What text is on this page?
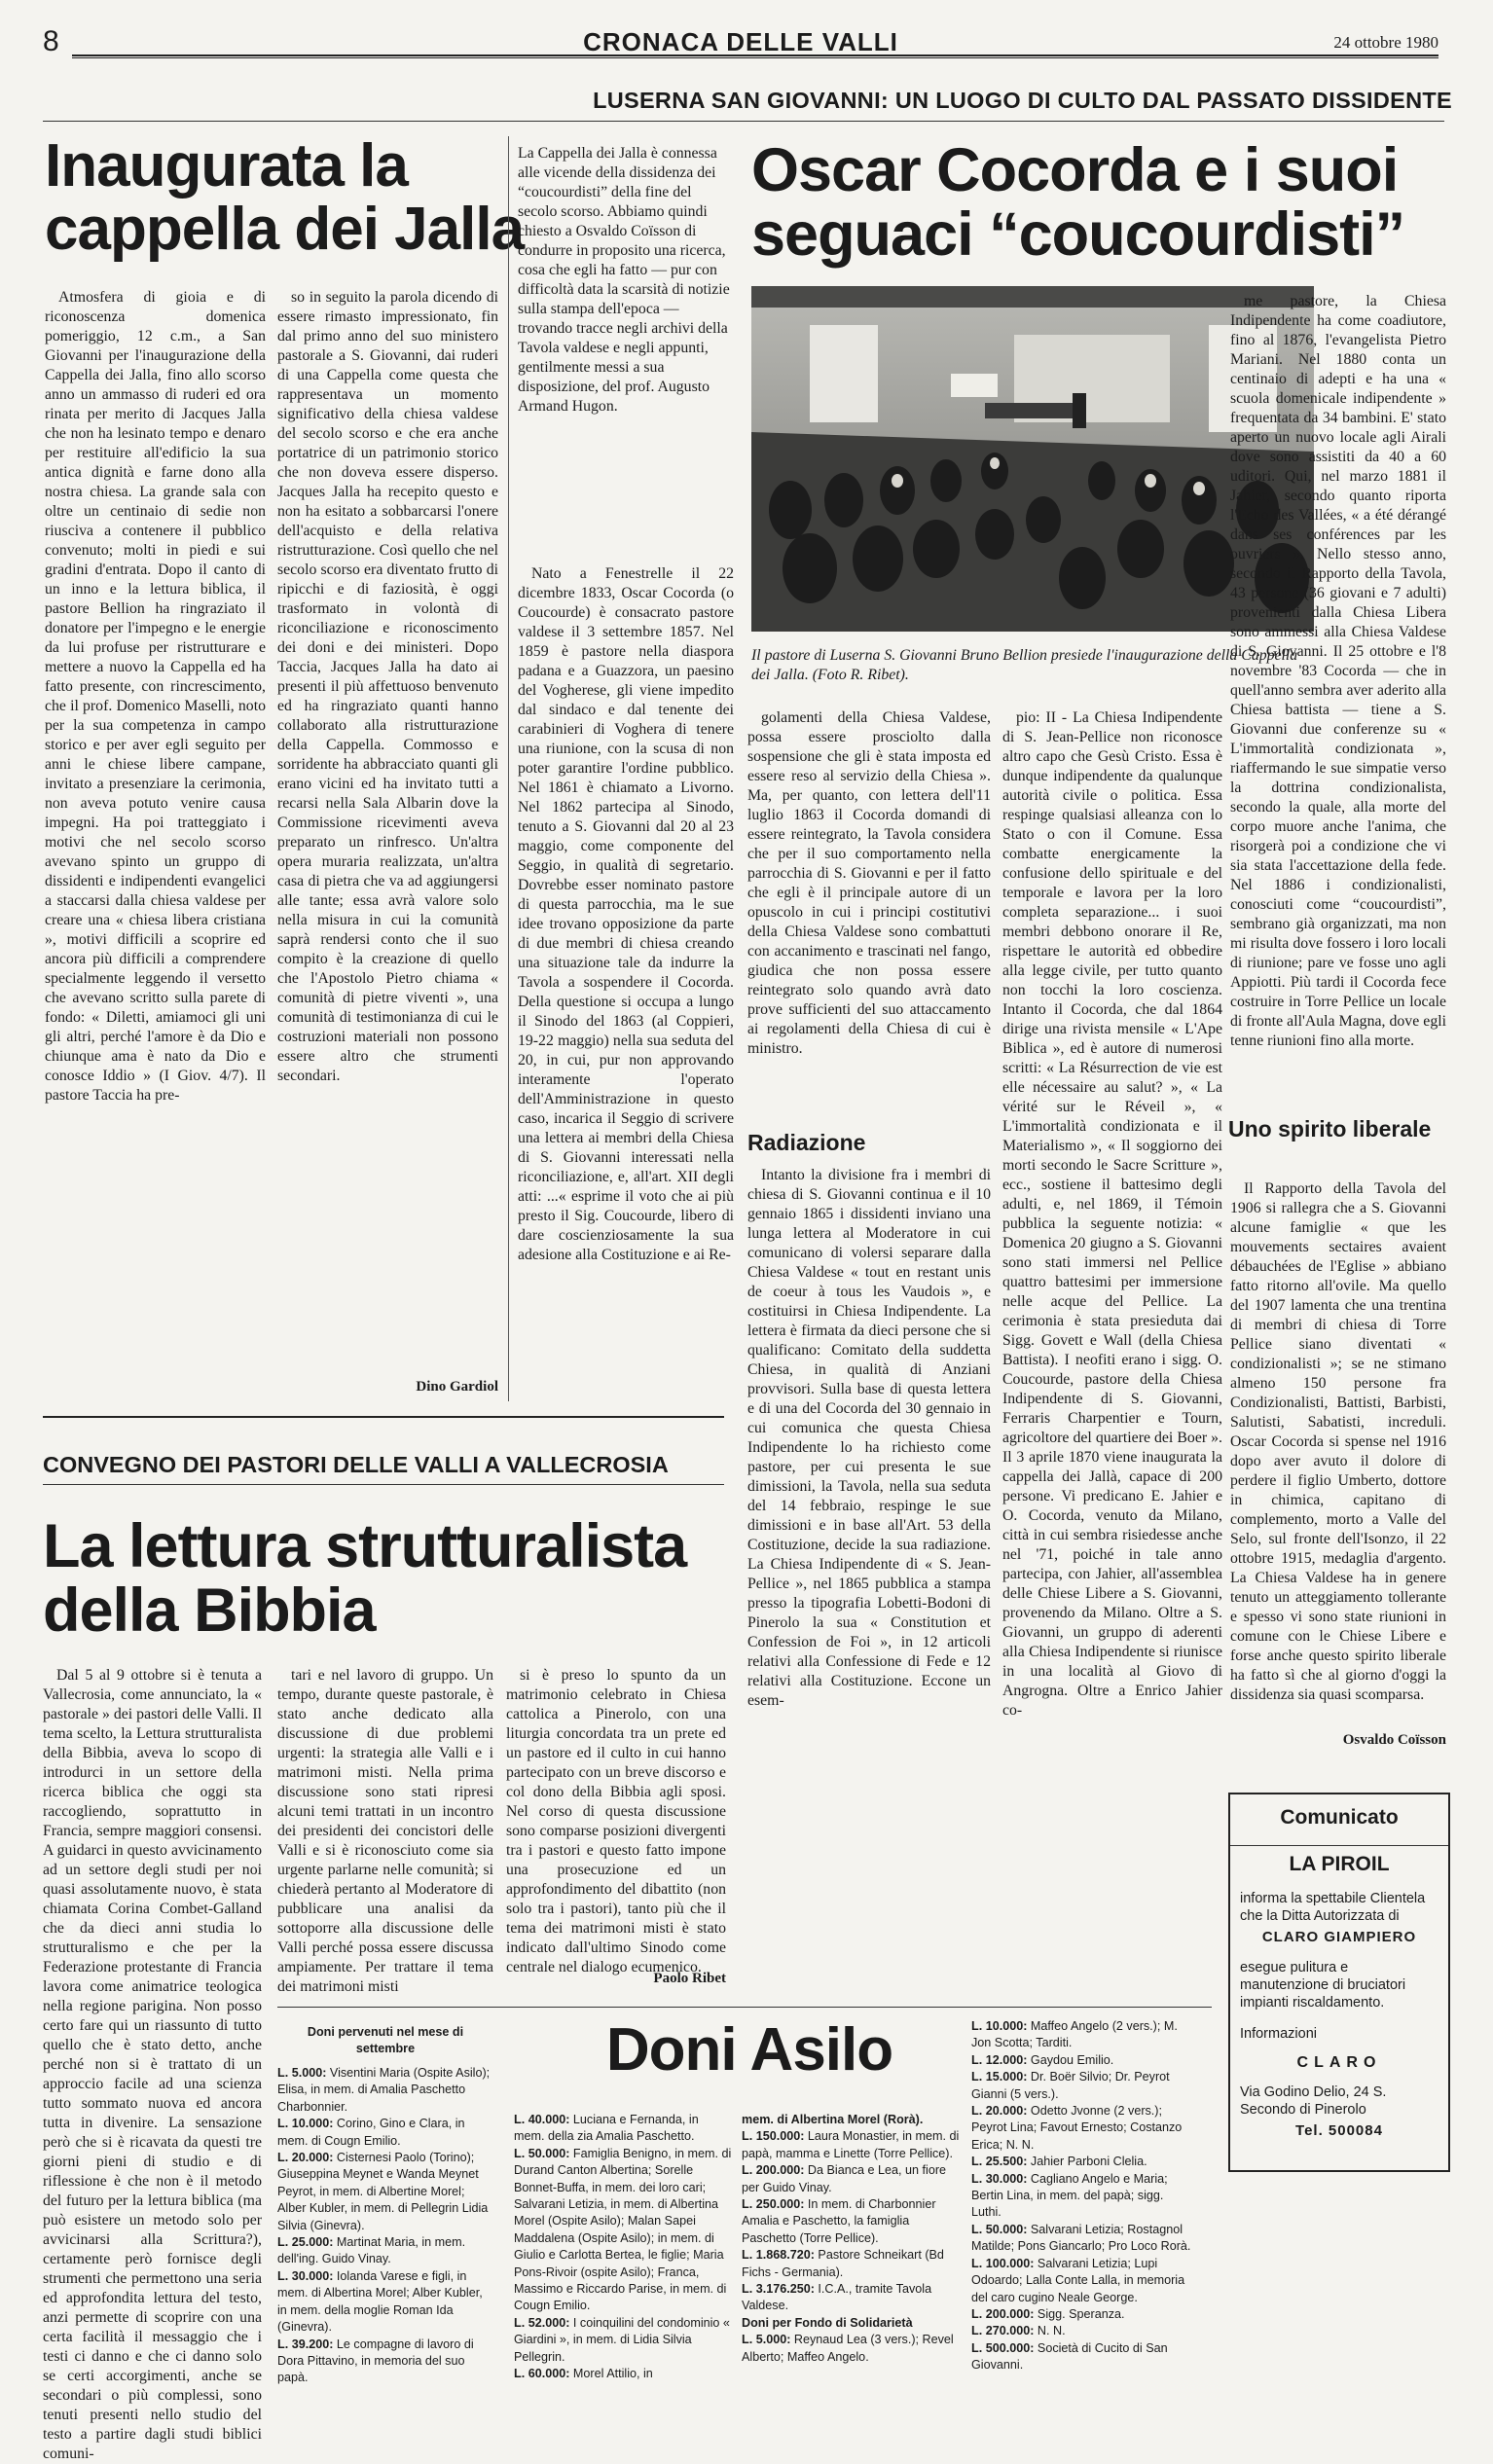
8	CRONACA DELLE VALLI	24 ottobre 1980
LUSERNA SAN GIOVANNI: UN LUOGO DI CULTO DAL PASSATO DISSIDENTE
Inaugurata la cappella dei Jalla

Atmosfera di gioia e di riconoscenza domenica pomeriggio, 12 c.m., a San Giovanni per l'inaugurazione della Cappella dei Jalla, fino allo scorso anno un ammasso di ruderi ed ora rinata per merito di Jacques Jalla che non ha lesinato tempo e denaro per restituire all'edificio la sua antica dignità e farne dono alla nostra chiesa. La grande sala con oltre un centinaio di sedie non riusciva a contenere il pubblico convenuto; molti in piedi e sui gradini d'entrata. Dopo il canto di un inno e la lettura biblica, il pastore Bellion ha ringraziato il donatore per l'impegno e le energie da lui profuse per ristrutturare e mettere a nuovo la Cappella ed ha fatto presente, con rincrescimento, che il prof. Domenico Maselli, noto per la sua competenza in campo storico e per aver egli seguito per anni le chiese libere campane, invitato a presenziare la cerimonia, non aveva potuto venire causa impegni. Ha poi tratteggiato i motivi che nel secolo scorso avevano spinto un gruppo di dissidenti e indipendenti evangelici a staccarsi dalla chiesa valdese per creare una « chiesa libera cristiana », motivi difficili a scoprire ed ancora più difficili a comprendere specialmente leggendo il versetto che avevano scritto sulla parete di fondo: « Diletti, amiamoci gli uni gli altri, perché l'amore è da Dio e chiunque ama è nato da Dio e conosce Iddio » (I Giov. 4/7). Il pastore Taccia ha pre-

so in seguito la parola dicendo di essere rimasto impressionato, fin dal primo anno del suo ministero pastorale a S. Giovanni, dai ruderi di una Cappella come questa che rappresentava un momento significativo della chiesa valdese del secolo scorso e che era anche portatrice di un patrimonio storico che non doveva essere disperso. Jacques Jalla ha recepito questo e non ha esitato a sobbarcarsi l'onere dell'acquisto e della relativa ristrutturazione. Così quello che nel secolo scorso era diventato frutto di ripicchi e di faziosità, è oggi trasformato in volontà di riconciliazione e riconoscimento dei doni e dei ministeri. Dopo Taccia, Jacques Jalla ha dato ai presenti il più affettuoso benvenuto ed ha ringraziato quanti hanno collaborato alla ristrutturazione della Cappella. Commosso e sorridente ha abbracciato quanti gli erano vicini ed ha invitato tutti a recarsi nella Sala Albarin dove la Commissione ricevimenti aveva preparato un rinfresco. Un'altra opera muraria realizzata, un'altra casa di pietra che va ad aggiungersi alle tante; essa avrà valore solo nella misura in cui la comunità saprà rendersi conto che il suo compito è la creazione di quello che l'Apostolo Pietro chiama « comunità di pietre viventi », una comunità di testimonianza di cui le costruzioni materiali non possono essere altro che strumenti secondari.

Dino Gardiol

La Cappella dei Jalla è connessa alle vicende della dissidenza dei “coucourdisti” della fine del secolo scorso. Abbiamo quindi chiesto a Osvaldo Coïsson di condurre in proposito una ricerca, cosa che egli ha fatto — pur con difficoltà data la scarsità di notizie sulla stampa dell'epoca — trovando tracce negli archivi della Tavola valdese e negli appunti, gentilmente messi a sua disposizione, del prof. Augusto Armand Hugon.

Nato a Fenestrelle il 22 dicembre 1833, Oscar Cocorda (o Coucourde) è consacrato pastore valdese il 3 settembre 1857. Nel 1859 è pastore nella diaspora padana e a Guazzora, un paesino del Vogherese, gli viene impedito dal sindaco e dal tenente dei carabinieri di Voghera di tenere una riunione, con la scusa di non poter garantire l'ordine pubblico. Nel 1861 è chiamato a Livorno. Nel 1862 partecipa al Sinodo, tenuto a S. Giovanni dal 20 al 23 maggio, come componente del Seggio, in qualità di segretario. Dovrebbe esser nominato pastore di questa parrocchia, ma le sue idee trovano opposizione da parte di due membri di chiesa creando una situazione tale da indurre la Tavola a sospendere il Cocorda. Della questione si occupa a lungo il Sinodo del 1863 (al Coppieri, 19-22 maggio) nella sua seduta del 20, in cui, pur non approvando interamente l'operato dell'Amministrazione in questo caso, incarica il Seggio di scrivere una lettera ai membri della Chiesa di S. Giovanni interessati nella riconciliazione, e, all'art. XII degli atti: ...« esprime il voto che ai più presto il Sig. Coucourde, libero di dare coscienziosamente la sua adesione alla Costituzione e ai Re-

Oscar Cocorda e i suoi seguaci “coucourdisti”
Il pastore di Luserna S. Giovanni Bruno Bellion presiede l'inaugurazione della Cappella dei Jalla. (Foto R. Ribet).

golamenti della Chiesa Valdese, possa essere prosciolto dalla sospensione che gli è stata imposta ed essere reso al servizio della Chiesa ». Ma, per quanto, con lettera dell'11 luglio 1863 il Cocorda domandi di essere reintegrato, la Tavola considera che per il suo comportamento nella parrocchia di S. Giovanni e per il fatto che egli è il principale autore di un opuscolo in cui i principi costitutivi della Chiesa Valdese sono combattuti con accanimento e trascinati nel fango, giudica che non possa essere reintegrato solo quando avrà dato prove sufficienti del suo attaccamento ai regolamenti della Chiesa di cui è ministro.

Radiazione

Intanto la divisione fra i membri di chiesa di S. Giovanni continua e il 10 gennaio 1865 i dissidenti inviano una lunga lettera al Moderatore in cui comunicano di volersi separare dalla Chiesa Valdese « tout en restant unis de coeur à tous les Vaudois », e costituirsi in Chiesa Indipendente. La lettera è firmata da dieci persone che si qualificano: Comitato della suddetta Chiesa, in qualità di Anziani provvisori. Sulla base di questa lettera e di una del Cocorda del 30 gennaio in cui comunica che questa Chiesa Indipendente lo ha richiesto come pastore, per cui presenta le sue dimissioni, la Tavola, nella sua seduta del 14 febbraio, respinge le sue dimissioni e in base all'Art. 53 della Costituzione, decide la sua radiazione. La Chiesa Indipendente di « S. Jean-Pellice », nel 1865 pubblica a stampa presso la tipografia Lobetti-Bodoni di Pinerolo la sua « Constitution et Confession de Foi », in 12 articoli relativi alla Confessione di Fede e 12 relativi alla Costituzione. Eccone un esem-

pio: II - La Chiesa Indipendente di S. Jean-Pellice non riconosce altro capo che Gesù Cristo. Essa è dunque indipendente da qualunque autorità civile o politica. Essa respinge qualsiasi alleanza con lo Stato o con il Comune. Essa combatte energicamente la confusione dello spirituale e del temporale e lavora per la loro completa separazione... i suoi membri debbono onorare il Re, rispettare le autorità ed obbedire alla legge civile, per tutto quanto non tocchi la loro coscienza. Intanto il Cocorda, che dal 1864 dirige una rivista mensile « L'Ape Biblica », ed è autore di numerosi scritti: « La Résurrection de vie est elle nécessaire au salut? », « La vérité sur le Réveil », « L'immortalità condizionata e il Materialismo », « Il soggiorno dei morti secondo le Sacre Scritture », ecc., sostiene il battesimo degli adulti, e, nel 1869, il Témoin pubblica la seguente notizia: « Domenica 20 giugno a S. Giovanni sono stati immersi nel Pellice quattro battesimi per immersione nelle acque del Pellice. La cerimonia è stata presieduta dai Sigg. Govett e Wall (della Chiesa Battista). I neofiti erano i sigg. O. Coucourde, pastore della Chiesa Indipendente di S. Giovanni, Ferraris Charpentier e Tourn, agricoltore del quartiere dei Boer ». Il 3 aprile 1870 viene inaugurata la cappella dei Jallà, capace di 200 persone. Vi predicano E. Jahier e O. Cocorda, venuto da Milano, città in cui sembra risiedesse anche nel '71, poiché in tale anno partecipa, con Jahier, all'assemblea delle Chiese Libere a S. Giovanni, provenendo da Milano. Oltre a S. Giovanni, un gruppo di aderenti alla Chiesa Indipendente si riunisce in una località al Giovo di Angrogna. Oltre a Enrico Jahier co-

me pastore, la Chiesa Indipendente ha come coadiutore, fino al 1876, l'evangelista Pietro Mariani. Nel 1880 conta un centinaio di adepti e ha una « scuola domenicale indipendente » frequentata da 34 bambini. E' stato aperto un nuovo locale agli Airali dove sono assistiti da 40 a 60 uditori. Qui, nel marzo 1881 il Jahier, secondo quanto riporta l'Echo des Vallées, « a été dérangé dans ses conférences par les ouvriers ». Nello stesso anno, secondo il Rapporto della Tavola, 43 persone (36 giovani e 7 adulti) provenienti dalla Chiesa Libera sono ammessi alla Chiesa Valdese di S. Giovanni. Il 25 ottobre e l'8 novembre '83 Cocorda — che in quell'anno sembra aver aderito alla Chiesa battista — tiene a S. Giovanni due conferenze su « L'immortalità condizionata », riaffermando le sue simpatie verso la dottrina condizionalista, secondo la quale, alla morte del corpo muore anche l'anima, che risorgerà poi a condizione che vi sia stata l'accettazione della fede. Nel 1886 i condizionalisti, conosciuti come “coucourdisti”, sembrano già organizzati, ma non mi risulta dove fossero i loro locali di riunione; pare ve fosse uno agli Appiotti. Più tardi il Cocorda fece costruire in Torre Pellice un locale di fronte all'Aula Magna, dove egli tenne riunioni fino alla morte.

Uno spirito liberale

Il Rapporto della Tavola del 1906 si rallegra che a S. Giovanni alcune famiglie « que les mouvements sectaires avaient débauchées de l'Eglise » abbiano fatto ritorno all'ovile. Ma quello del 1907 lamenta che una trentina di membri di chiesa di Torre Pellice siano diventati « condizionalisti »; se ne stimano almeno 150 persone fra Condizionalisti, Battisti, Barbisti, Salutisti, Sabatisti, increduli. Oscar Cocorda si spense nel 1916 dopo aver avuto il dolore di perdere il figlio Umberto, dottore in chimica, capitano di complemento, morto a Valle del Selo, sul fronte dell'Isonzo, il 22 ottobre 1915, medaglia d'argento. La Chiesa Valdese ha in genere tenuto un atteggiamento tollerante e spesso vi sono state riunioni in comune con le Chiese Libere e forse anche questo spirito liberale ha fatto sì che al giorno d'oggi la dissidenza sia quasi scomparsa.

Osvaldo Coïsson
CONVEGNO DEI PASTORI DELLE VALLI A VALLECROSIA
La lettura strutturalista della Bibbia

Dal 5 al 9 ottobre si è tenuta a Vallecrosia, come annunciato, la « pastorale » dei pastori delle Valli. Il tema scelto, la Lettura strutturalista della Bibbia, aveva lo scopo di introdurci in un settore della ricerca biblica che oggi sta raccogliendo, soprattutto in Francia, sempre maggiori consensi. A guidarci in questo avvicinamento ad un settore degli studi per noi quasi assolutamente nuovo, è stata chiamata Corina Combet-Galland che da dieci anni studia lo strutturalismo e che per la Federazione protestante di Francia lavora come animatrice teologica nella regione parigina. Non posso certo fare qui un riassunto di tutto quello che è stato detto, anche perché non si è trattato di un approccio facile ad una scienza tutto sommato nuova ed ancora tutta in divenire. La sensazione però che si è ricavata da questi tre giorni pieni di studio e di riflessione è che non è il metodo del futuro per la lettura biblica (ma può esistere un metodo solo per avvicinarsi alla Scrittura?), certamente però fornisce degli strumenti che permettono una seria ed approfondita lettura del testo, anzi permette di scoprire con una certa facilità il messaggio che i testi ci danno e che ci danno solo se certi accorgimenti, anche se secondari o più complessi, sono tenuti presenti nello studio del testo a partire dagli studi biblici comuni-

tari e nel lavoro di gruppo. Un tempo, durante queste pastorale, è stato anche dedicato alla discussione di due problemi urgenti: la strategia alle Valli e i matrimoni misti. Nella prima discussione sono stati ripresi alcuni temi trattati in un incontro dei presidenti dei concistori delle Valli e si è riconosciuto come sia urgente parlarne nelle comunità; si chiederà pertanto al Moderatore di pubblicare una analisi da sottoporre alla discussione delle Valli perché possa essere discussa ampiamente. Per trattare il tema dei matrimoni misti

si è preso lo spunto da un matrimonio celebrato in Chiesa cattolica a Pinerolo, con una liturgia concordata tra un prete ed un pastore ed il culto in cui hanno partecipato con un breve discorso e col dono della Bibbia agli sposi. Nel corso di questa discussione sono comparse posizioni divergenti tra i pastori e questo fatto impone una prosecuzione ed un approfondimento del dibattito (non solo tra i pastori), tanto più che il tema dei matrimoni misti è stato indicato dall'ultimo Sinodo come centrale nel dialogo ecumenico.

Paolo Ribet
Doni Asilo
Doni pervenuti nel mese di settembre

L. 5.000: Visentini Maria (Ospite Asilo); Elisa, in mem. di Amalia Paschetto Charbonnier.

L. 10.000: Corino, Gino e Clara, in mem. di Cougn Emilio.

L. 20.000: Cisternesi Paolo (Torino); Giuseppina Meynet e Wanda Meynet Peyrot, in mem. di Albertine Morel; Alber Kubler, in mem. di Pellegrin Lidia Silvia (Ginevra).

L. 25.000: Martinat Maria, in mem. dell'ing. Guido Vinay.

L. 30.000: Iolanda Varese e figli, in mem. di Albertina Morel; Alber Kubler, in mem. della moglie Roman Ida (Ginevra).

L. 39.200: Le compagne di lavoro di Dora Pittavino, in memoria del suo papà.

L. 40.000: Luciana e Fernanda, in mem. della zia Amalia Paschetto.

L. 50.000: Famiglia Benigno, in mem. di Durand Canton Albertina; Sorelle Bonnet-Buffa, in mem. dei loro cari; Salvarani Letizia, in mem. di Albertina Morel (Ospite Asilo); Malan Sapei Maddalena (Ospite Asilo); in mem. di Giulio e Carlotta Bertea, le figlie; Maria Pons-Rivoir (ospite Asilo); Franca, Massimo e Riccardo Parise, in mem. di Cougn Emilio.

L. 52.000: I coinquilini del condominio « Giardini », in mem. di Lidia Silvia Pellegrin.

L. 60.000: Morel Attilio, in

mem. di Albertina Morel (Rorà).

L. 150.000: Laura Monastier, in mem. di papà, mamma e Linette (Torre Pellice).

L. 200.000: Da Bianca e Lea, un fiore per Guido Vinay.

L. 250.000: In mem. di Charbonnier Amalia e Paschetto, la famiglia Paschetto (Torre Pellice).

L. 1.868.720: Pastore Schneikart (Bd Fichs - Germania).

L. 3.176.250: I.C.A., tramite Tavola Valdese.

Doni per Fondo di Solidarietà

L. 5.000: Reynaud Lea (3 vers.); Revel Alberto; Maffeo Angelo.

L. 10.000: Maffeo Angelo (2 vers.); M. Jon Scotta; Tarditi.

L. 12.000: Gaydou Emilio.

L. 15.000: Dr. Boër Silvio; Dr. Peyrot Gianni (5 vers.).

L. 20.000: Odetto Jvonne (2 vers.); Peyrot Lina; Favout Ernesto; Costanzo Erica; N. N.

L. 25.500: Jahier Parboni Clelia.

L. 30.000: Cagliano Angelo e Maria; Bertin Lina, in mem. del papà; sigg. Luthi.

L. 50.000: Salvarani Letizia; Rostagnol Matilde; Pons Giancarlo; Pro Loco Rorà.

L. 100.000: Salvarani Letizia; Lupi Odoardo; Lalla Conte Lalla, in memoria del caro cugino Neale George.

L. 200.000: Sigg. Speranza.

L. 270.000: N. N.

L. 500.000: Società di Cucito di San Giovanni.

Comunicato
LA PIROIL
informa la spettabile Clientela che la Ditta Autorizzata di
CLARO GIAMPIERO
esegue pulitura e manutenzione di bruciatori impianti riscaldamento.
Informazioni
CLARO
Via Godino Delio, 24 S. Secondo di Pinerolo
Tel. 500084
